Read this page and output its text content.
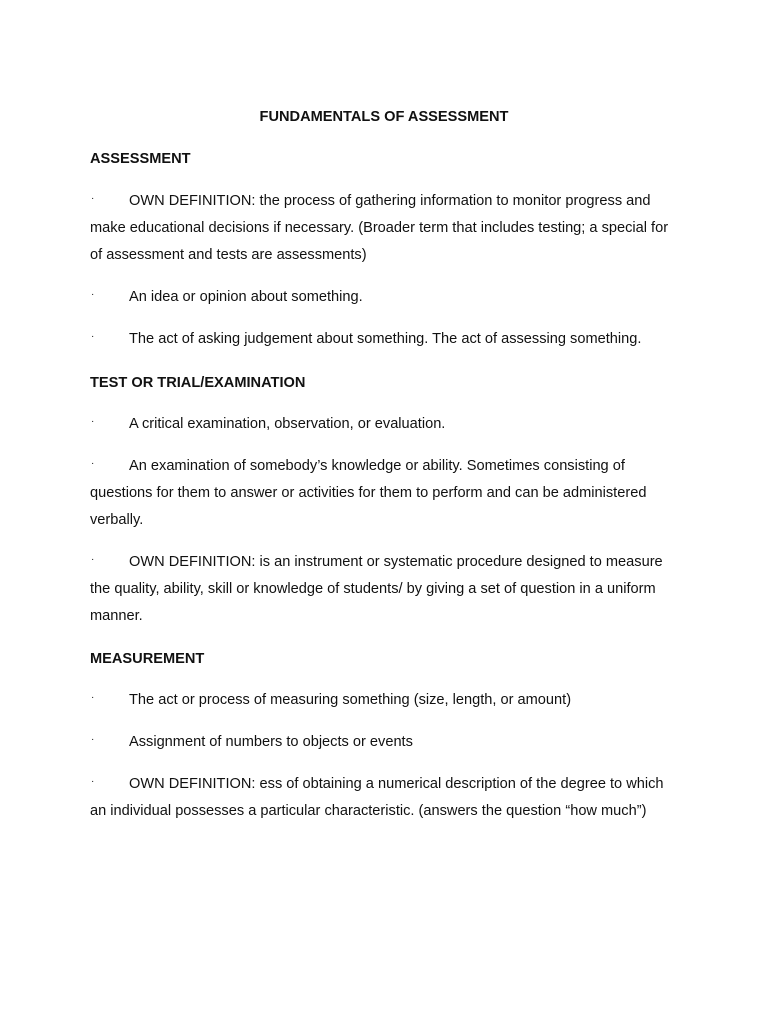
FUNDAMENTALS OF ASSESSMENT
ASSESSMENT
· OWN DEFINITION: the process of gathering information to monitor progress and make educational decisions if necessary. (Broader term that includes testing; a special for of assessment and tests are assessments)
· An idea or opinion about something.
· The act of asking judgement about something. The act of assessing something.
TEST OR TRIAL/EXAMINATION
· A critical examination, observation, or evaluation.
· An examination of somebody’s knowledge or ability. Sometimes consisting of questions for them to answer or activities for them to perform and can be administered verbally.
· OWN DEFINITION: is an instrument or systematic procedure designed to measure the quality, ability, skill or knowledge of students/ by giving a set of question in a uniform manner.
MEASUREMENT
· The act or process of measuring something (size, length, or amount)
· Assignment of numbers to objects or events
· OWN DEFINITION: ess of obtaining a numerical description of the degree to which an individual possesses a particular characteristic. (answers the question “how much”)
